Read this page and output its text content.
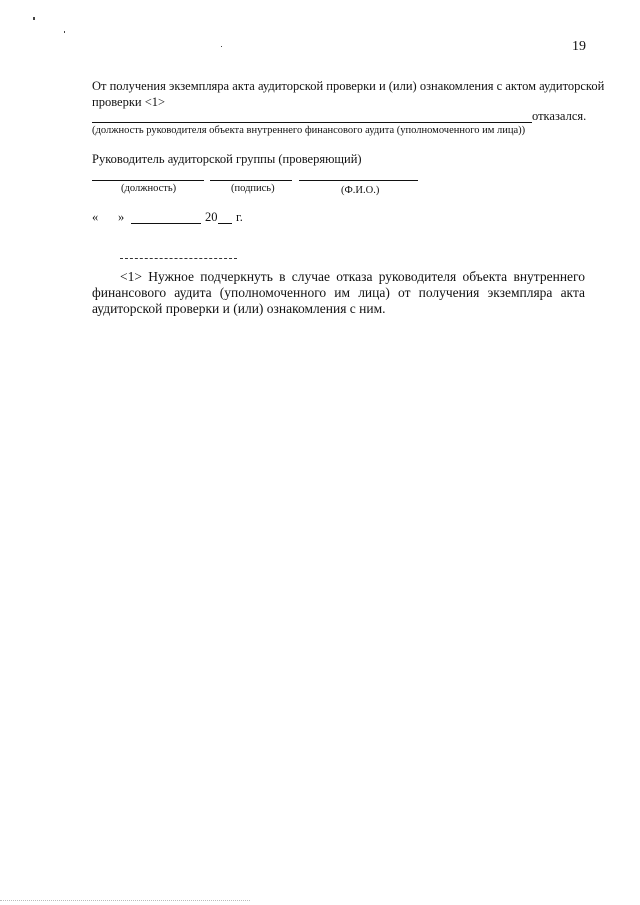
19
От получения экземпляра акта аудиторской проверки и (или) ознакомления с актом аудиторской
проверки <1>
отказался.
(должность руководителя объекта внутреннего финансового аудита (уполномоченного им лица))
Руководитель аудиторской группы (проверяющий)
(должность)	(подпись)	(Ф.И.О.)
« »	20 г.
<1> Нужное подчеркнуть в случае отказа руководителя объекта внутреннего
финансового аудита (уполномоченного им лица) от получения экземпляра акта
аудиторской проверки и (или) ознакомления с ним.
